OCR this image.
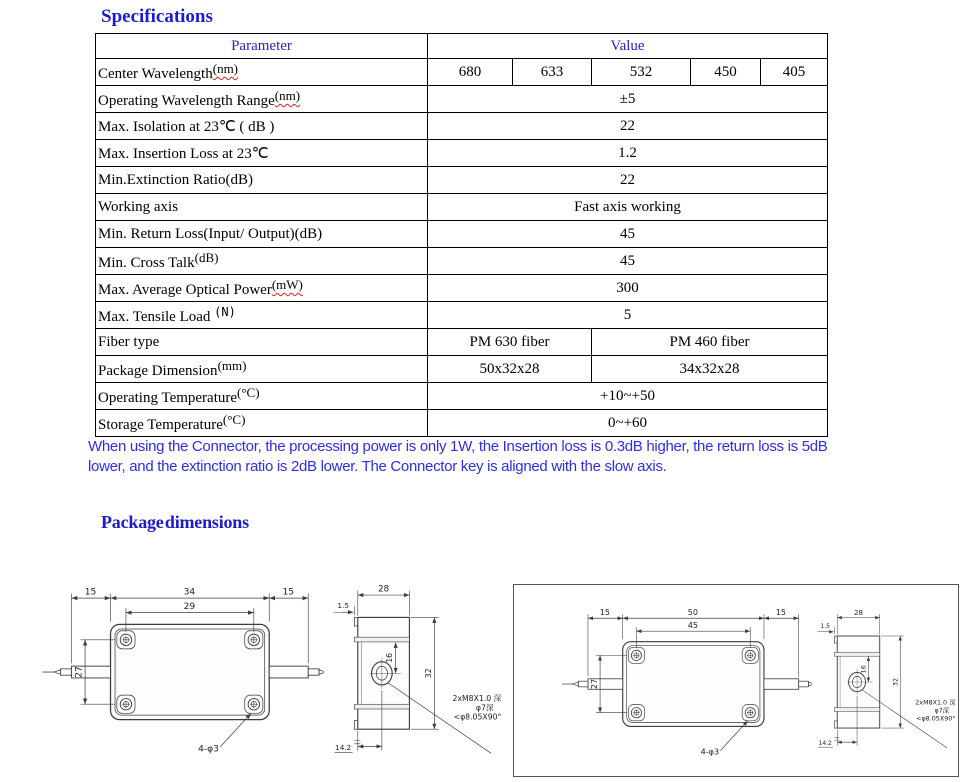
Specifications
Parameter	Value				
Center Wavelength(nm)	680	633	532	450	405
Operating Wavelength Range(nm)	±5				
Max. Isolation at 23℃ ( dB )	22				
Max. Insertion Loss at 23℃	1.2				
Min.Extinction Ratio(dB)	22				
Working axis	Fast axis working				
Min. Return Loss(Input/ Output)(dB)	45				
Min. Cross Talk(dB)	45				
Max. Average Optical Power(mW)	300				
Max. Tensile Load $^{(N)}$	5				
Fiber type	PM 630 fiber		PM 460 fiber		
Package Dimension(mm)	50x32x28		34x32x28		
Operating Temperature(°C)	+10~+50				
Storage Temperature(°C)	0~+60				
When using the Connector, the processing power is only 1W, the Insertion loss is 0.3dB higher, the return loss is 5dB lower, and the extinction ratio is 2dB lower. The Connector key is aligned with the slow axis.
Package dimensions
34
15	15
29
27
4-φ3
28
1.5
16
32
14.2
2xM8X1.0 深
φ7深
<φ8.05X90°
50
15	15
45
27
4-φ3
28
1.5
16
32
14.2
2xM8X1.0 深
φ7深
<φ8.05X90°
